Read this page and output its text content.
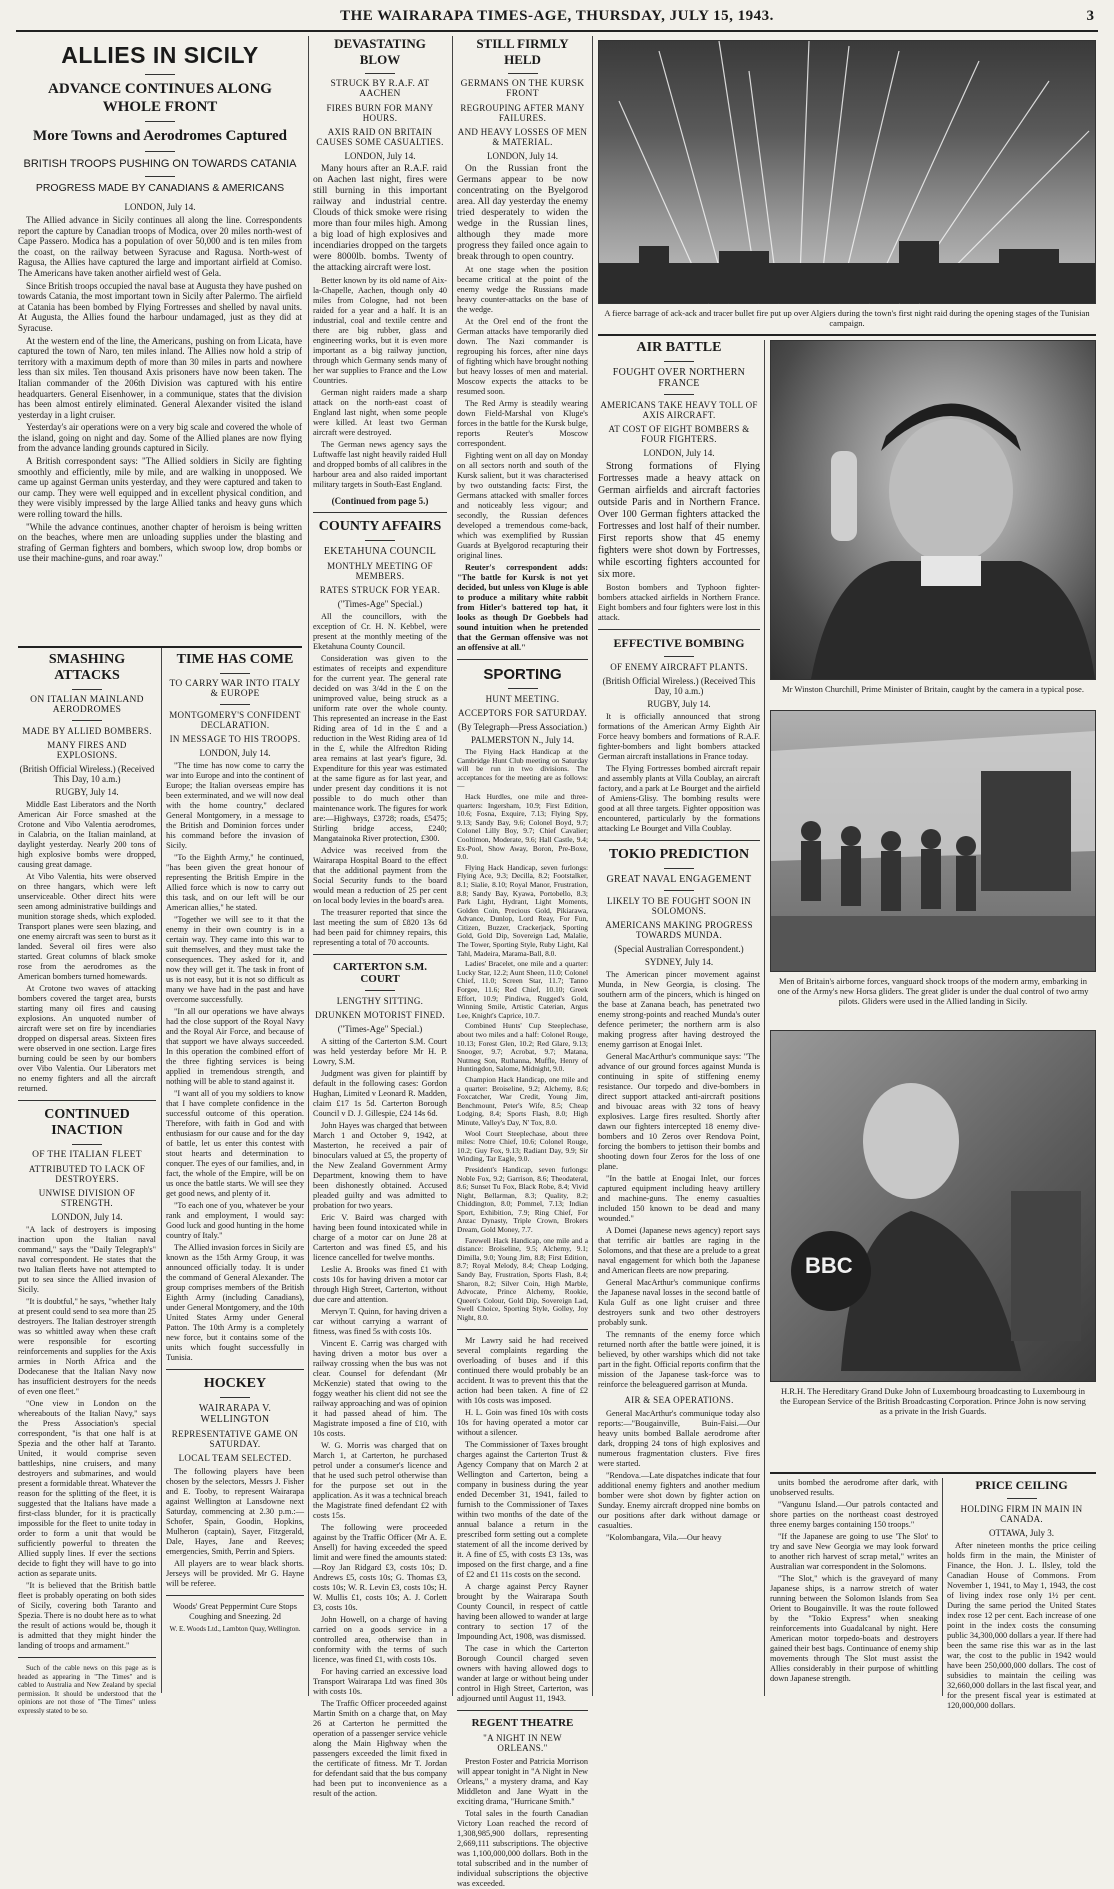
THE WAIRARAPA TIMES-AGE, THURSDAY, JULY 15, 1943.	3
ALLIES IN SICILY
ADVANCE CONTINUES ALONG WHOLE FRONT
More Towns and Aerodromes Captured
BRITISH TROOPS PUSHING ON TOWARDS CATANIA
PROGRESS MADE BY CANADIANS & AMERICANS
LONDON, July 14.

The Allied advance in Sicily continues all along the line. Correspondents report the capture by Canadian troops of Modica, over 20 miles north-west of Cape Passero. Modica has a population of over 50,000 and is ten miles from the coast, on the railway between Syracuse and Ragusa. North-west of Ragusa, the Allies have captured the large and important airfield at Comiso. The Americans have taken another airfield west of Gela.

Since British troops occupied the naval base at Augusta they have pushed on towards Catania, the most important town in Sicily after Palermo. The airfield at Catania has been bombed by Flying Fortresses and shelled by naval units. At Augusta, the Allies found the harbour undamaged, just as they did at Syracuse.

At the western end of the line, the Americans, pushing on from Licata, have captured the town of Naro, ten miles inland. The Allies now hold a strip of territory with a maximum depth of more than 30 miles in parts and nowhere less than six miles. Ten thousand Axis prisoners have now been taken. The Italian commander of the 206th Division was captured with his entire headquarters. General Eisenhower, in a communique, states that the division has been almost entirely eliminated. General Alexander visited the island yesterday in a light cruiser.

Yesterday's air operations were on a very big scale and covered the whole of the island, going on night and day. Some of the Allied planes are now flying from the advance landing grounds captured in Sicily.

A British correspondent says: "The Allied soldiers in Sicily are fighting smoothly and efficiently, mile by mile, and are walking in unopposed. We came up against German units yesterday, and they were captured and taken to our camp. They were well equipped and in excellent physical condition, and they were visibly impressed by the large Allied tanks and heavy guns which were rolling toward the hills.

"While the advance continues, another chapter of heroism is being written on the beaches, where men are unloading supplies under the blasting and strafing of German fighters and bombers, which swoop low, drop bombs or use their machine-guns, and roar away."

SMASHING ATTACKS
ON ITALIAN MAINLAND AERODROMES
MADE BY ALLIED BOMBERS.
MANY FIRES AND EXPLOSIONS.
(British Official Wireless.) (Received This Day, 10 a.m.)
RUGBY, July 14.

Middle East Liberators and the North American Air Force smashed at the Crotone and Vibo Valentia aerodromes, in Calabria, on the Italian mainland, at daylight yesterday. Nearly 200 tons of high explosive bombs were dropped, causing great damage.

At Vibo Valentia, hits were observed on three hangars, which were left unserviceable. Other direct hits were seen among administrative buildings and munition storage sheds, which exploded. Transport planes were seen blazing, and one enemy aircraft was seen to burst as it landed. Several oil fires were also started. Great columns of black smoke rose from the aerodromes as the American bombers turned homewards.

At Crotone two waves of attacking bombers covered the target area, bursts starting many oil fires and causing explosions. An unquoted number of aircraft were set on fire by incendiaries dropped on dispersal areas. Sixteen fires were observed in one section. Large fires burning could be seen by our bombers over Vibo Valentia. Our Liberators met no enemy fighters and all the aircraft returned.

CONTINUED INACTION
OF THE ITALIAN FLEET
ATTRIBUTED TO LACK OF DESTROYERS.
UNWISE DIVISION OF STRENGTH.
LONDON, July 14.

"A lack of destroyers is imposing inaction upon the Italian naval command," says the "Daily Telegraph's" naval correspondent. He states that the two Italian fleets have not attempted to put to sea since the Allied invasion of Sicily.

"It is doubtful," he says, "whether Italy at present could send to sea more than 25 destroyers. The Italian destroyer strength was so whittled away when these craft were responsible for escorting reinforcements and supplies for the Axis armies in North Africa and the Dodecanese that the Italian Navy now has insufficient destroyers for the needs of even one fleet."

"One view in London on the whereabouts of the Italian Navy," says the Press Association's special correspondent, "is that one half is at Spezia and the other half at Taranto. United, it would comprise seven battleships, nine cruisers, and many destroyers and submarines, and would present a formidable threat. Whatever the reason for the splitting of the fleet, it is suggested that the Italians have made a first-class blunder, for it is practically impossible for the fleet to unite today in order to form a unit that would be sufficiently powerful to threaten the Allied supply lines. If ever the sections decide to fight they will have to go into action as separate units.

"It is believed that the British battle fleet is probably operating on both sides of Sicily, covering both Taranto and Spezia. There is no doubt here as to what the result of actions would be, though it is admitted that they might hinder the landing of troops and armament."

Such of the cable news on this page as is headed as appearing in "The Times" and is cabled to Australia and New Zealand by special permission. It should be understood that the opinions are not those of "The Times" unless expressly stated to be so.

TIME HAS COME
TO CARRY WAR INTO ITALY & EUROPE
MONTGOMERY'S CONFIDENT DECLARATION.
IN MESSAGE TO HIS TROOPS.
LONDON, July 14.

"The time has now come to carry the war into Europe and into the continent of Europe; the Italian overseas empire has been exterminated, and we will now deal with the home country," declared General Montgomery, in a message to the British and Dominion forces under his command before the invasion of Sicily.

"To the Eighth Army," he continued, "has been given the great honour of representing the British Empire in the Allied force which is now to carry out this task, and on our left will be our American allies," he stated.

"Together we will see to it that the enemy in their own country is in a certain way. They came into this war to suit themselves, and they must take the consequences. They asked for it, and now they will get it. The task in front of us is not easy, but it is not so difficult as many we have had in the past and have overcome successfully.

"In all our operations we have always had the close support of the Royal Navy and the Royal Air Force, and because of that support we have always succeeded. In this operation the combined effort of the three fighting services is being applied in tremendous strength, and nothing will be able to stand against it.

"I want all of you my soldiers to know that I have complete confidence in the successful outcome of this operation. Therefore, with faith in God and with enthusiasm for our cause and for the day of battle, let us enter this contest with stout hearts and determination to conquer. The eyes of our families, and, in fact, the whole of the Empire, will be on us once the battle starts. We will see they get good news, and plenty of it.

"To each one of you, whatever be your rank and employment, I would say: Good luck and good hunting in the home country of Italy."

The Allied invasion forces in Sicily are known as the 15th Army Group, it was announced officially today. It is under the command of General Alexander. The group comprises members of the British Eighth Army (including Canadians), under General Montgomery, and the 10th United States Army under General Patton. The 10th Army is a completely new force, but it contains some of the units which fought successfully in Tunisia.

HOCKEY
WAIRARAPA V. WELLINGTON
REPRESENTATIVE GAME ON SATURDAY.
LOCAL TEAM SELECTED.

The following players have been chosen by the selectors, Messrs J. Fisher and E. Tooby, to represent Wairarapa against Wellington at Lansdowne next Saturday, commencing at 2.30 p.m.:—Schofer, Spain, Goodin, Hopkins, Mulheron (captain), Sayer, Fitzgerald, Dale, Hayes, Jane and Reeves; emergencies, Smith, Perrin and Spiers.

All players are to wear black shorts. Jerseys will be provided. Mr G. Hayne will be referee.

Woods' Great Peppermint Cure Stops Coughing and Sneezing. 2d

W. E. Woods Ltd., Lambton Quay, Wellington.

DEVASTATING BLOW
STRUCK BY R.A.F. AT AACHEN
FIRES BURN FOR MANY HOURS.
AXIS RAID ON BRITAIN CAUSES SOME CASUALTIES.
LONDON, July 14.

Many hours after an R.A.F. raid on Aachen last night, fires were still burning in this important railway and industrial centre. Clouds of thick smoke were rising more than four miles high. Among a big load of high explosives and incendiaries dropped on the targets were 8000lb. bombs. Twenty of the attacking aircraft were lost.

Better known by its old name of Aix-la-Chapelle, Aachen, though only 40 miles from Cologne, had not been raided for a year and a half. It is an industrial, coal and textile centre and there are big rubber, glass and engineering works, but it is even more important as a big railway junction, through which Germany sends many of her war supplies to France and the Low Countries.

German night raiders made a sharp attack on the north-east coast of England last night, when some people were killed. At least two German aircraft were destroyed.

The German news agency says the Luftwaffe last night heavily raided Hull and dropped bombs of all calibres in the harbour area and also raided important military targets in South-East England.

(Continued from page 5.)
COUNTY AFFAIRS
EKETAHUNA COUNCIL
MONTHLY MEETING OF MEMBERS.
RATES STRUCK FOR YEAR.
("Times-Age" Special.)

All the councillors, with the exception of Cr. H. N. Kebbel, were present at the monthly meeting of the Eketahuna County Council.

Consideration was given to the estimates of receipts and expenditure for the current year. The general rate decided on was 3/4d in the £ on the unimproved value, being struck as a uniform rate over the whole county. This represented an increase in the East Riding area of 1d in the £ and a reduction in the West Riding area of 1d in the £, while the Alfredton Riding area remains at last year's figure, 3d. Expenditure for this year was estimated at the same figure as for last year, and under present day conditions it is not possible to do much other than maintenance work. The figures for work are:—Highways, £3728; roads, £5475; Stirling bridge access, £240; Mangatainoka River protection, £300.

Advice was received from the Wairarapa Hospital Board to the effect that the additional payment from the Social Security funds to the board would mean a reduction of 25 per cent on local body levies in the board's area.

The treasurer reported that since the last meeting the sum of £820 13s 6d had been paid for chimney repairs, this representing a total of 70 accounts.

CARTERTON S.M. COURT
LENGTHY SITTING.
DRUNKEN MOTORIST FINED.
("Times-Age" Special.)

A sitting of the Carterton S.M. Court was held yesterday before Mr H. P. Lowry, S.M.

Judgment was given for plaintiff by default in the following cases: Gordon Hughan, Limited v Leonard R. Madden, claim £17 1s 5d. Carterton Borough Council v D. J. Gillespie, £24 14s 6d.

John Hayes was charged that between March 1 and October 9, 1942, at Masterton, he received a pair of binoculars valued at £5, the property of the New Zealand Government Army Department, knowing them to have been dishonestly obtained. Accused pleaded guilty and was admitted to probation for two years.

Eric V. Baird was charged with having been found intoxicated while in charge of a motor car on June 28 at Carterton and was fined £5, and his licence cancelled for twelve months.

Leslie A. Brooks was fined £1 with costs 10s for having driven a motor car through High Street, Carterton, without due care and attention.

Mervyn T. Quinn, for having driven a car without carrying a warrant of fitness, was fined 5s with costs 10s.

Vincent E. Carrig was charged with having driven a motor bus over a railway crossing when the bus was not clear. Counsel for defendant (Mr McKenzie) stated that owing to the foggy weather his client did not see the railway approaching and was of opinion it had passed ahead of him. The Magistrate imposed a fine of £10, with 10s costs.

W. G. Morris was charged that on March 1, at Carterton, he purchased petrol under a consumer's licence and that he used such petrol otherwise than for the purpose set out in the application. As it was a technical breach the Magistrate fined defendant £2 with costs 15s.

The following were proceeded against by the Traffic Officer (Mr A. E. Ansell) for having exceeded the speed limit and were fined the amounts stated:—Roy Jan Ridgard £3, costs 10s; D. Andrews £5, costs 10s; G. Thomas £3, costs 10s; W. R. Levin £3, costs 10s; H. W. Mullis £1, costs 10s; A. J. Corlett £3, costs 10s.

John Howell, on a charge of having carried on a goods service in a controlled area, otherwise than in conformity with the terms of such licence, was fined £1, with costs 10s.

For having carried an excessive load Transport Wairarapa Ltd was fined 30s with costs 10s.

The Traffic Officer proceeded against Martin Smith on a charge that, on May 26 at Carterton he permitted the operation of a passenger service vehicle along the Main Highway when the passengers exceeded the limit fixed in the certificate of fitness. Mr T. Jordan for defendant said that the bus company had been put to inconvenience as a result of the action.

STILL FIRMLY HELD
GERMANS ON THE KURSK FRONT
REGROUPING AFTER MANY FAILURES.
AND HEAVY LOSSES OF MEN & MATERIAL.
LONDON, July 14.

On the Russian front the Germans appear to be now concentrating on the Byelgorod area. All day yesterday the enemy tried desperately to widen the wedge in the Russian lines, although they made more progress they failed once again to break through to open country.

At one stage when the position became critical at the point of the enemy wedge the Russians made heavy counter-attacks on the base of the wedge.

At the Orel end of the front the German attacks have temporarily died down. The Nazi commander is regrouping his forces, after nine days of fighting which have brought nothing but heavy losses of men and material. Moscow expects the attacks to be resumed soon.

The Red Army is steadily wearing down Field-Marshal von Kluge's forces in the battle for the Kursk bulge, reports Reuter's Moscow correspondent.

Fighting went on all day on Monday on all sectors north and south of the Kursk salient, but it was characterised by two outstanding facts: First, the Germans attacked with smaller forces and noticeably less vigour; and secondly, the Russian defences developed a tremendous come-back, which was exemplified by Russian Guards at Byelgorod recapturing their original lines.

Reuter's correspondent adds: "The battle for Kursk is not yet decided, but unless von Kluge is able to produce a military white rabbit from Hitler's battered top hat, it looks as though Dr Goebbels had sound intuition when he pretended that the German offensive was not an offensive at all."

SPORTING
HUNT MEETING.
ACCEPTORS FOR SATURDAY.
(By Telegraph—Press Association.)
PALMERSTON N., July 14.

The Flying Hack Handicap at the Cambridge Hunt Club meeting on Saturday will be run in two divisions. The acceptances for the meeting are as follows:—

Hack Hurdles, one mile and three-quarters: Ingersham, 10.9; First Edition, 10.6; Fosna, Exquire, 7.13; Flying Spy, 9.13; Sandy Bay, 9.6; Colonel Boyd, 9.7; Colonel Lilly Boy, 9.7; Chief Cavalier; Cooltimon, Moderate, 9.6; Hall Castle, 9.4; Ex-Pool, Show Away, Boron, Pre-Boxe, 9.0.

Flying Hack Handicap, seven furlongs: Flying Ace, 9.3; Decilla, 8.2; Footstalker, 8.1; Sialie, 8.10; Royal Manor, Frustration, 8.8; Sandy Bay, Kyawa, Portobello, 8.3; Park Light, Hydrant, Light Moments, Golden Coin, Precious Gold, Pikiarawa, Advance, Dunlop, Lord Reay, For Fun, Citizen, Buzzer, Crackerjack, Sporting Gold, Gold Dip, Sovereign Lad, Malalie, The Tower, Sporting Style, Ruby Light, Kal Tahl, Madeira, Marama-Ball, 8.0.

Ladies' Bracelet, one mile and a quarter: Lucky Star, 12.2; Aunt Sheen, 11.0; Colonel Chief, 11.0; Screen Star, 11.7; Tanno Forgee, 11.6; Red Chief, 10.10; Greek Effort, 10.9; Pindiwa, Rugged's Gold, Winning Smile, Artistic Caterian, Argus Lee, Knight's Caprice, 10.7.

Combined Hunts' Cup Steeplechase, about two miles and a half: Colonel Rouge, 10.13; Forest Glen, 10.2; Red Glare, 9.13; Snooger, 9.7; Acrobat, 9.7; Matana, Nutmeg Son, Ruthanna, Muffle, Henry of Huntingdon, Salome, Midnight, 9.0.

Champion Hack Handicap, one mile and a quarter: Broiseline, 9.2; Alchemy, 8.6; Foxcatcher, War Credit, Young Jim, Benchmount, Peter's Wife, 8.5; Cheap Lodging, 8.4; Sports Flash, 8.0; High Minute, Valley's Day, N' Tox, 8.0.

Wool Court Steeplechase, about three miles: Notre Chief, 10.6; Colonel Rouge, 10.2; Guy Fox, 9.13; Radiant Day, 9.9; Sir Winding, Tar Eagle, 9.0.

President's Handicap, seven furlongs: Noble Fox, 9.2; Garrison, 8.6; Theodateral, 8.6; Sunset Tu Fox, Black Robe, 8.4; Vivid Night, Bellarman, 8.3; Quality, 8.2; Chiddington, 8.0; Pommel, 7.13; Indian Sport, Exhibition, 7.9; Ring Chief, For Anzac Dynasty, Triple Crown, Brokers Dream, Gold Money, 7.7.

Farewell Hack Handicap, one mile and a distance: Broiseline, 9.5; Alchemy, 9.1; Dimilla, 9.0; Young Jim, 8.8; First Edition, 8.7; Royal Melody, 8.4; Cheap Lodging, Sandy Bay, Frustration, Sports Flash, 8.4; Sharon, 8.2; Silver Coin, High Marble, Advocate, Prince Alchemy, Rookie, Queen's Colour, Gold Dip, Sovereign Lad, Swell Choice, Sporting Style, Golley, Joy Night, 8.0.

Mr Lawry said he had received several complaints regarding the overloading of buses and if this continued there would probably be an accident. It was to prevent this that the action had been taken. A fine of £2 with 10s costs was imposed.

H. L. Goin was fined 10s with costs 10s for having operated a motor car without a silencer.

The Commissioner of Taxes brought charges against the Carterton Trust & Agency Company that on March 2 at Wellington and Carterton, being a company in business during the year ended December 31, 1941, failed to furnish to the Commissioner of Taxes within two months of the date of the annual balance a return in the prescribed form setting out a complete statement of all the income derived by it. A fine of £5, with costs £3 13s, was imposed on the first charge, and a fine of £2 and £1 11s costs on the second.

A charge against Percy Rayner brought by the Wairarapa South County Council, in respect of cattle having been allowed to wander at large contrary to section 17 of the Impounding Act, 1908, was dismissed.

The case in which the Carterton Borough Council charged seven owners with having allowed dogs to wander at large or without being under control in High Street, Carterton, was adjourned until August 11, 1943.

REGENT THEATRE
"A NIGHT IN NEW ORLEANS."

Preston Foster and Patricia Morrison will appear tonight in "A Night in New Orleans," a mystery drama, and Kay Middleton and Jane Wyatt in the exciting drama, "Hurricane Smith."

Total sales in the fourth Canadian Victory Loan reached the record of 1,308,985,900 dollars, representing 2,669,111 subscriptions. The objective was 1,100,000,000 dollars. Both in the total subscribed and in the number of individual subscriptions the objective was exceeded.

A fierce barrage of ack-ack and tracer bullet fire put up over Algiers during the town's first night raid during the opening stages of the Tunisian campaign.
AIR BATTLE
FOUGHT OVER NORTHERN FRANCE
AMERICANS TAKE HEAVY TOLL OF AXIS AIRCRAFT.
AT COST OF EIGHT BOMBERS & FOUR FIGHTERS.
LONDON, July 14.

Strong formations of Flying Fortresses made a heavy attack on German airfields and aircraft factories outside Paris and in Northern France. Over 100 German fighters attacked the Fortresses and lost half of their number. First reports show that 45 enemy fighters were shot down by Fortresses, while escorting fighters accounted for six more.

Boston bombers and Typhoon fighter-bombers attacked airfields in Northern France. Eight bombers and four fighters were lost in this attack.

EFFECTIVE BOMBING
OF ENEMY AIRCRAFT PLANTS.
(British Official Wireless.) (Received This Day, 10 a.m.)
RUGBY, July 14.

It is officially announced that strong formations of the American Army Eighth Air Force heavy bombers and formations of R.A.F. fighter-bombers and light bombers attacked German aircraft installations in France today.

The Flying Fortresses bombed aircraft repair and assembly plants at Villa Coublay, an aircraft factory, and a park at Le Bourget and the airfield of Amiens-Glisy. The bombing results were good at all three targets. Fighter opposition was encountered, particularly by the formations attacking Le Bourget and Villa Coublay.

TOKIO PREDICTION
GREAT NAVAL ENGAGEMENT
LIKELY TO BE FOUGHT SOON IN SOLOMONS.
AMERICANS MAKING PROGRESS TOWARDS MUNDA.
(Special Australian Correspondent.)
SYDNEY, July 14.

The American pincer movement against Munda, in New Georgia, is closing. The southern arm of the pincers, which is hinged on the base at Zanana beach, has penetrated two enemy strong-points and reached Munda's outer defence perimeter; the northern arm is also making progress after having destroyed the enemy garrison at Enogai Inlet.

General MacArthur's communique says: "The advance of our ground forces against Munda is continuing in spite of stiffening enemy resistance. Our torpedo and dive-bombers in direct support attacked anti-aircraft positions and bivouac areas with 32 tons of heavy explosives. Large fires resulted. Shortly after dawn our fighters intercepted 18 enemy dive-bombers and 10 Zeros over Rendova Point, forcing the bombers to jettison their bombs and shooting down four Zeros for the loss of one plane.

"In the battle at Enogai Inlet, our forces captured equipment including heavy artillery and machine-guns. The enemy casualties included 150 known to be dead and many wounded."

A Domei (Japanese news agency) report says that terrific air battles are raging in the Solomons, and that these are a prelude to a great naval engagement for which both the Japanese and American fleets are now preparing.

General MacArthur's communique confirms the Japanese naval losses in the second battle of Kula Gulf as one light cruiser and three destroyers sunk and two other destroyers probably sunk.

The remnants of the enemy force which returned north after the battle were joined, it is believed, by other warships which did not take part in the fight. Official reports confirm that the mission of the Japanese task-force was to reinforce the beleaguered garrison at Munda.

AIR & SEA OPERATIONS.

General MacArthur's communique today also reports:—"Bougainville, Buin-Faisi.—Our heavy units bombed Ballale aerodrome after dark, dropping 24 tons of high explosives and numerous fragmentation clusters. Five fires were started.

"Rendova.—Late dispatches indicate that four additional enemy fighters and another medium bomber were shot down by fighter action on Sunday. Enemy aircraft dropped nine bombs on our positions after dark without damage or casualties.

"Kolombangara, Vila.—Our heavy

Mr Winston Churchill, Prime Minister of Britain, caught by the camera in a typical pose.
Men of Britain's airborne forces, vanguard shock troops of the modern army, embarking in one of the Army's new Horsa gliders. The great glider is under the dual control of two army pilots. Gliders were used in the Allied landing in Sicily.
BBC
H.R.H. The Hereditary Grand Duke John of Luxembourg broadcasting to Luxembourg in the European Service of the British Broadcasting Corporation. Prince John is now serving as a private in the Irish Guards.

units bombed the aerodrome after dark, with unobserved results.

"Vangunu Island.—Our patrols contacted and shore parties on the northeast coast destroyed three enemy barges containing 150 troops."

"If the Japanese are going to use 'The Slot' to try and save New Georgia we may look forward to another rich harvest of scrap metal," writes an Australian war correspondent in the Solomons.

"The Slot," which is the graveyard of many Japanese ships, is a narrow stretch of water running between the Solomon Islands from Sea Orient to Bougainville. It was the route followed by the "Tokio Express" when sneaking reinforcements into Guadalcanal by night. Here American motor torpedo-boats and destroyers gained their best bags. Continuance of enemy ship movements through The Slot must assist the Allies considerably in their purpose of whittling down Japanese strength.

PRICE CEILING
HOLDING FIRM IN MAIN IN CANADA.
OTTAWA, July 3.

After nineteen months the price ceiling holds firm in the main, the Minister of Finance, the Hon. J. L. Ilsley, told the Canadian House of Commons. From November 1, 1941, to May 1, 1943, the cost of living index rose only 1½ per cent. During the same period the United States index rose 12 per cent. Each increase of one point in the index costs the consuming public 34,300,000 dollars a year. If there had been the same rise this war as in the last war, the cost to the public in 1942 would have been 250,000,000 dollars. The cost of subsidies to maintain the ceiling was 32,660,000 dollars in the last fiscal year, and for the present fiscal year is estimated at 120,000,000 dollars.
